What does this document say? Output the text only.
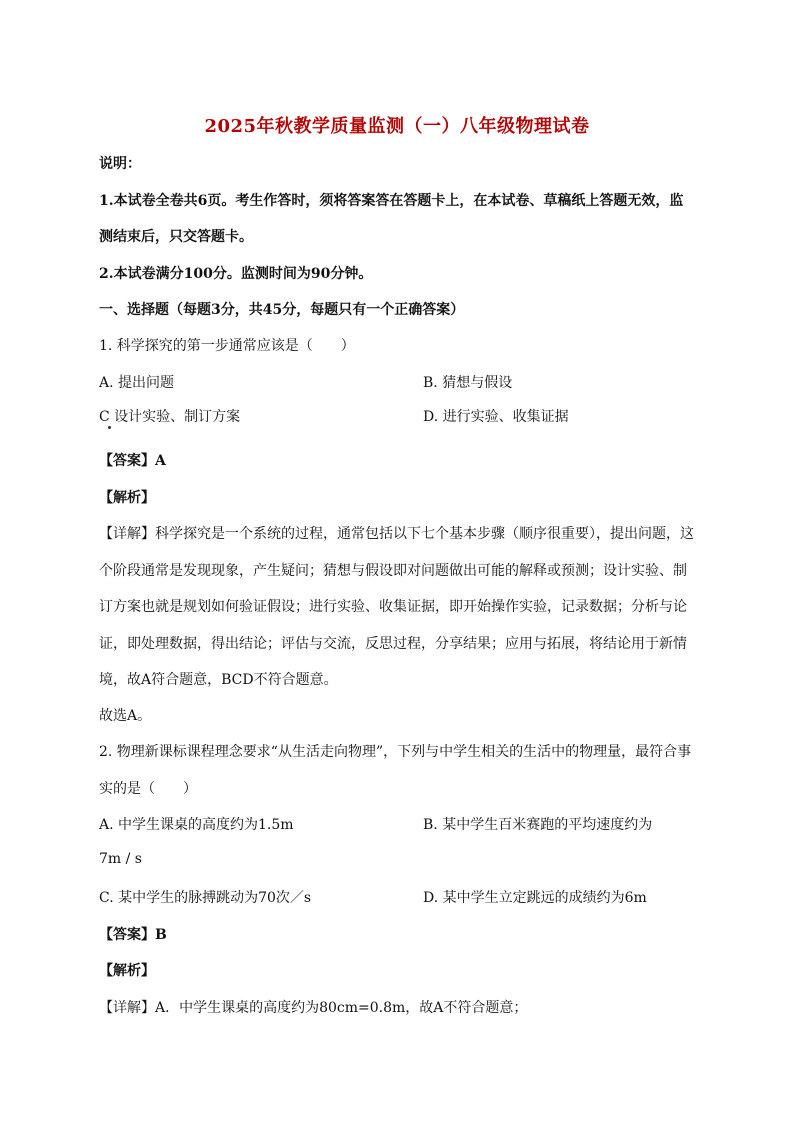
2025年秋教学质量监测（一）八年级物理试卷
说明：
1.本试卷全卷共6页。考生作答时，须将答案答在答题卡上，在本试卷、草稿纸上答题无效，监
测结束后，只交答题卡。
2.本试卷满分100分。监测时间为90分钟。
一、选择题（每题3分，共45分，每题只有一个正确答案）
1. 科学探究的第一步通常应该是（　　）
A. 提出问题	B. 猜想与假设
C 设计实验、制订方案	D. 进行实验、收集证据
【答案】A
【解析】
【详解】科学探究是一个系统的过程，通常包括以下七个基本步骤（顺序很重要），提出问题，这
个阶段通常是发现现象，产生疑问；猜想与假设即对问题做出可能的解释或预测；设计实验、制
订方案也就是规划如何验证假设；进行实验、收集证据，即开始操作实验，记录数据；分析与论
证，即处理数据，得出结论；评估与交流，反思过程，分享结果；应用与拓展，将结论用于新情
境，故A符合题意，BCD不符合题意。
故选A。
2. 物理新课标课程理念要求“从生活走向物理”，下列与中学生相关的生活中的物理量，最符合事
实的是（　　）
A. 中学生课桌的高度约为1.5m	B. 某中学生百米赛跑的平均速度约为
7m / s
C. 某中学生的脉搏跳动为70次／s	D. 某中学生立定跳远的成绩约为6m
【答案】B
【解析】
【详解】A．中学生课桌的高度约为80cm=0.8m，故A不符合题意；
